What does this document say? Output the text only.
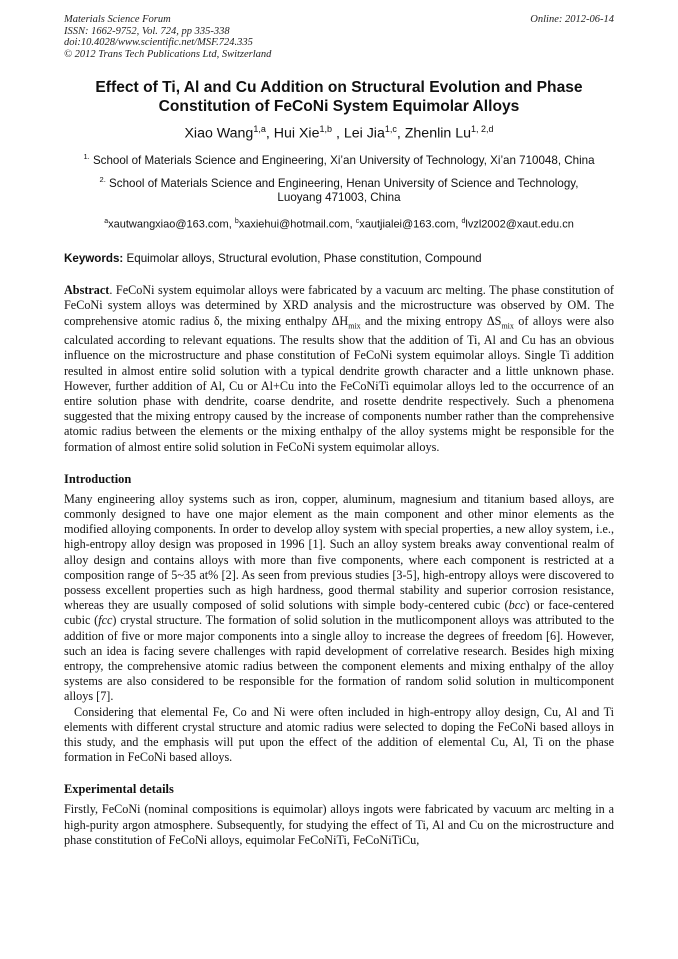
Materials Science Forum
ISSN: 1662-9752, Vol. 724, pp 335-338
doi:10.4028/www.scientific.net/MSF.724.335
© 2012 Trans Tech Publications Ltd, Switzerland
Online: 2012-06-14
Effect of Ti, Al and Cu Addition on Structural Evolution and Phase
Constitution of FeCoNi System Equimolar Alloys
Xiao Wang$^{1,a}$, Hui Xie$^{1,b}$ , Lei Jia$^{1,c}$, Zhenlin Lu$^{1, 2,d}$
$^{1.}$ School of Materials Science and Engineering, Xi’an University of Technology, Xi’an 710048, China
$^{2.}$ School of Materials Science and Engineering, Henan University of Science and Technology,
Luoyang 471003, China
$^a$xautwangxiao@163.com, $^b$xaxiehui@hotmail.com, $^c$xautjialei@163.com, $^d$lvzl2002@xaut.edu.cn
Keywords: Equimolar alloys, Structural evolution, Phase constitution, Compound
Abstract. FeCoNi system equimolar alloys were fabricated by a vacuum arc melting. The phase constitution of FeCoNi system alloys was determined by XRD analysis and the microstructure was observed by OM. The comprehensive atomic radius δ, the mixing enthalpy $\Delta H_{mix}$ and the mixing entropy $\Delta S_{mix}$ of alloys were also calculated according to relevant equations. The results show that the addition of Ti, Al and Cu has an obvious influence on the microstructure and phase constitution of FeCoNi system equimolar alloys. Single Ti addition resulted in almost entire solid solution with a typical dendrite growth character and a little unknown phase. However, further addition of Al, Cu or Al+Cu into the FeCoNiTi equimolar alloys led to the occurrence of an entire solution phase with dendrite, coarse dendrite, and rosette dendrite respectively. Such a phenomena suggested that the mixing entropy caused by the increase of components number rather than the comprehensive atomic radius between the elements or the mixing enthalpy of the alloy systems might be responsible for the formation of almost entire solid solution in FeCoNi system equimolar alloys.
Introduction
Many engineering alloy systems such as iron, copper, aluminum, magnesium and titanium based alloys, are commonly designed to have one major element as the main component and other minor elements as the modified alloying components. In order to develop alloy system with special properties, a new alloy system, i.e., high-entropy alloy design was proposed in 1996 [1]. Such an alloy system breaks away conventional realm of alloy design and contains alloys with more than five components, where each component is restricted at a composition range of 5~35 at% [2]. As seen from previous studies [3-5], high-entropy alloys were discovered to possess excellent properties such as high hardness, good thermal stability and superior corrosion resistance, whereas they are usually composed of solid solutions with simple body-centered cubic (bcc) or face-centered cubic (fcc) crystal structure. The formation of solid solution in the mutlicomponent alloys was attributed to the addition of five or more major components into a single alloy to increase the degrees of freedom [6]. However, such an idea is facing severe challenges with rapid development of correlative research. Besides high mixing entropy, the comprehensive atomic radius between the component elements and mixing enthalpy of the alloy systems are also considered to be responsible for the formation of random solid solution in multicomponent alloys [7].
Considering that elemental Fe, Co and Ni were often included in high-entropy alloy design, Cu, Al and Ti elements with different crystal structure and atomic radius were selected to doping the FeCoNi based alloys in this study, and the emphasis will put upon the effect of the addition of elemental Cu, Al, Ti on the phase formation in FeCoNi based alloys.
Experimental details
Firstly, FeCoNi (nominal compositions is equimolar) alloys ingots were fabricated by vacuum arc melting in a high-purity argon atmosphere. Subsequently, for studying the effect of Ti, Al and Cu on the microstructure and phase constitution of FeCoNi alloys, equimolar FeCoNiTi, FeCoNiTiCu,
